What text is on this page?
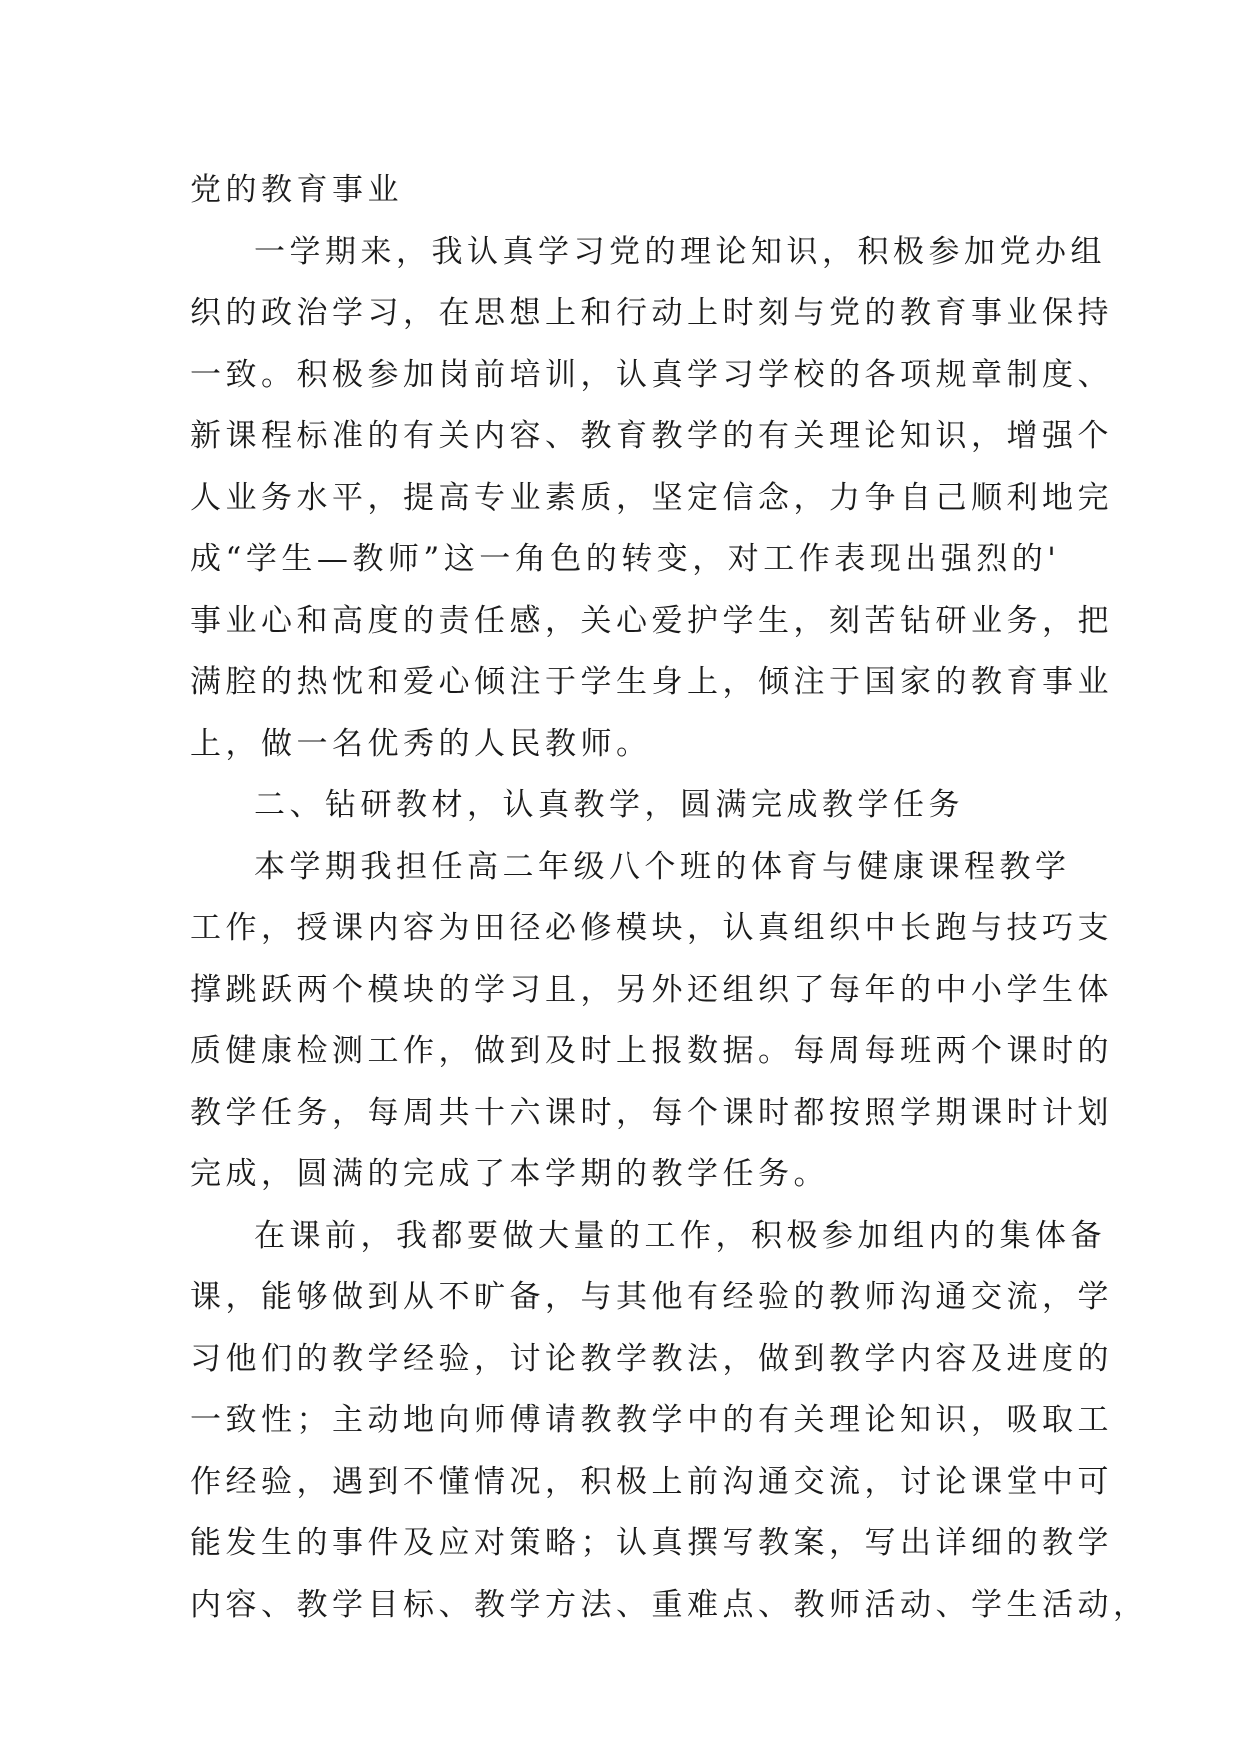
党的教育事业
一学期来，我认真学习党的理论知识，积极参加党办组
织的政治学习，在思想上和行动上时刻与党的教育事业保持
一致。积极参加岗前培训，认真学习学校的各项规章制度、
新课程标准的有关内容、教育教学的有关理论知识，增强个
人业务水平，提高专业素质，坚定信念，力争自己顺利地完
成“学生—教师”这一角色的转变，对工作表现出强烈的'
事业心和高度的责任感，关心爱护学生，刻苦钻研业务，把
满腔的热忱和爱心倾注于学生身上，倾注于国家的教育事业
上，做一名优秀的人民教师。
二、钻研教材，认真教学，圆满完成教学任务
本学期我担任高二年级八个班的体育与健康课程教学
工作，授课内容为田径必修模块，认真组织中长跑与技巧支
撑跳跃两个模块的学习且，另外还组织了每年的中小学生体
质健康检测工作，做到及时上报数据。每周每班两个课时的
教学任务，每周共十六课时，每个课时都按照学期课时计划
完成，圆满的完成了本学期的教学任务。
在课前，我都要做大量的工作，积极参加组内的集体备
课，能够做到从不旷备，与其他有经验的教师沟通交流，学
习他们的教学经验，讨论教学教法，做到教学内容及进度的
一致性；主动地向师傅请教教学中的有关理论知识，吸取工
作经验，遇到不懂情况，积极上前沟通交流，讨论课堂中可
能发生的事件及应对策略；认真撰写教案，写出详细的教学
内容、教学目标、教学方法、重难点、教师活动、学生活动，
